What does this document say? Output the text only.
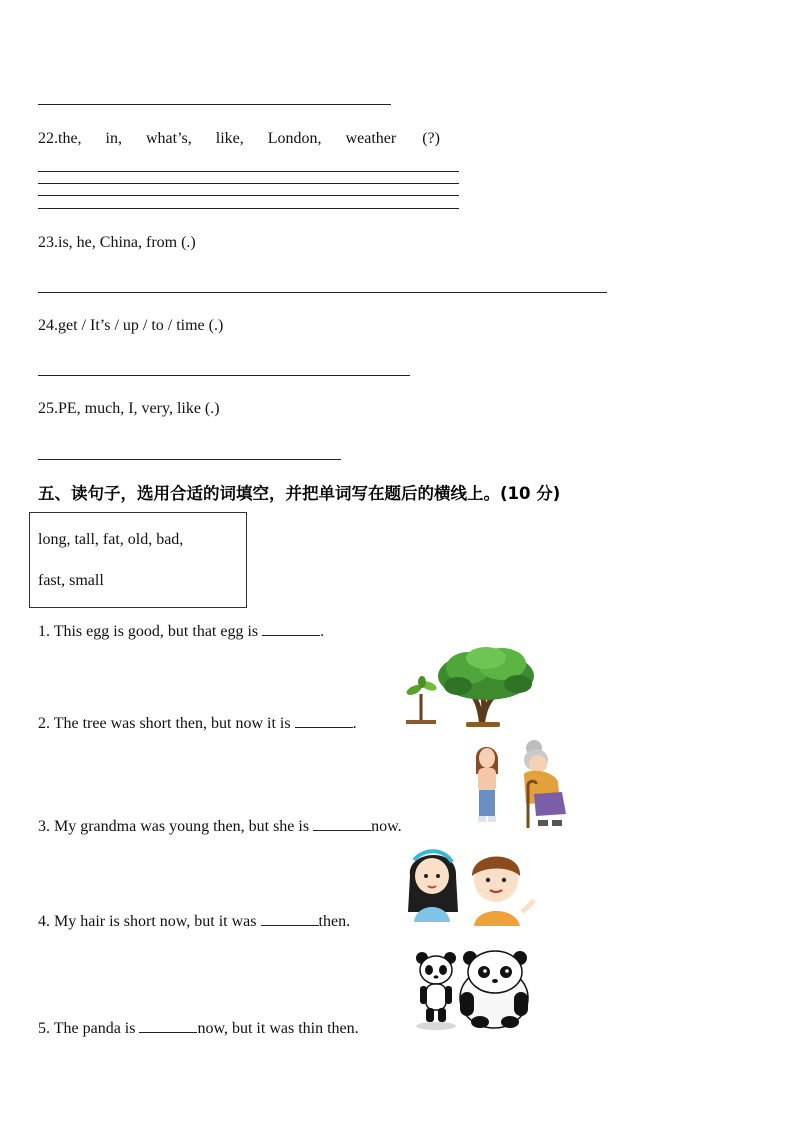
22.the, in, what’s, like, London, weather (?)
23.is, he, China, from (.)
24.get / It’s / up / to / time (.)
25.PE, much, I, very, like (.)
五、读句子，选用合适的词填空，并把单词写在题后的横线上。(10 分)
long, tall, fat, old, bad,
fast, small
1. This egg is good, but that egg is	.
2. The tree was short then, but now it is	.
3. My grandma was young then, but she is	now.
4. My hair is short now, but it was	then.
5. The panda is	now, but it was thin then.
